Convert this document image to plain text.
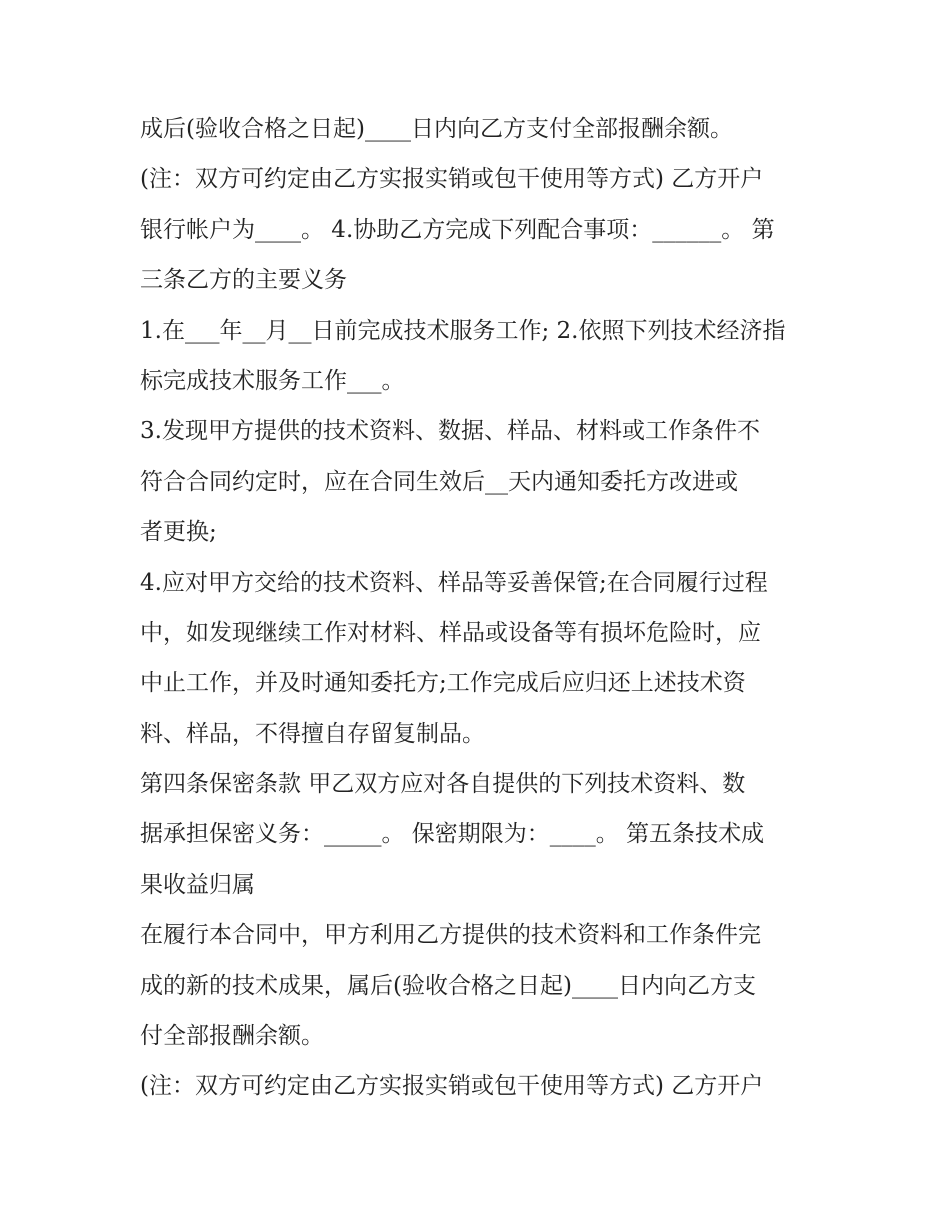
成后(验收合格之日起)____日内向乙方支付全部报酬余额。
(注：双方可约定由乙方实报实销或包干使用等方式) 乙方开户
银行帐户为____。 4.协助乙方完成下列配合事项：______。 第
三条乙方的主要义务
1.在___年__月__日前完成技术服务工作; 2.依照下列技术经济指
标完成技术服务工作___。
3.发现甲方提供的技术资料、数据、样品、材料或工作条件不
符合合同约定时，应在合同生效后__天内通知委托方改进或
者更换;
4.应对甲方交给的技术资料、样品等妥善保管;在合同履行过程
中，如发现继续工作对材料、样品或设备等有损坏危险时，应
中止工作，并及时通知委托方;工作完成后应归还上述技术资
料、样品，不得擅自存留复制品。
第四条保密条款 甲乙双方应对各自提供的下列技术资料、数
据承担保密义务：_____。 保密期限为：____。 第五条技术成
果收益归属
在履行本合同中，甲方利用乙方提供的技术资料和工作条件完
成的新的技术成果，属后(验收合格之日起)____日内向乙方支
付全部报酬余额。
(注：双方可约定由乙方实报实销或包干使用等方式) 乙方开户
